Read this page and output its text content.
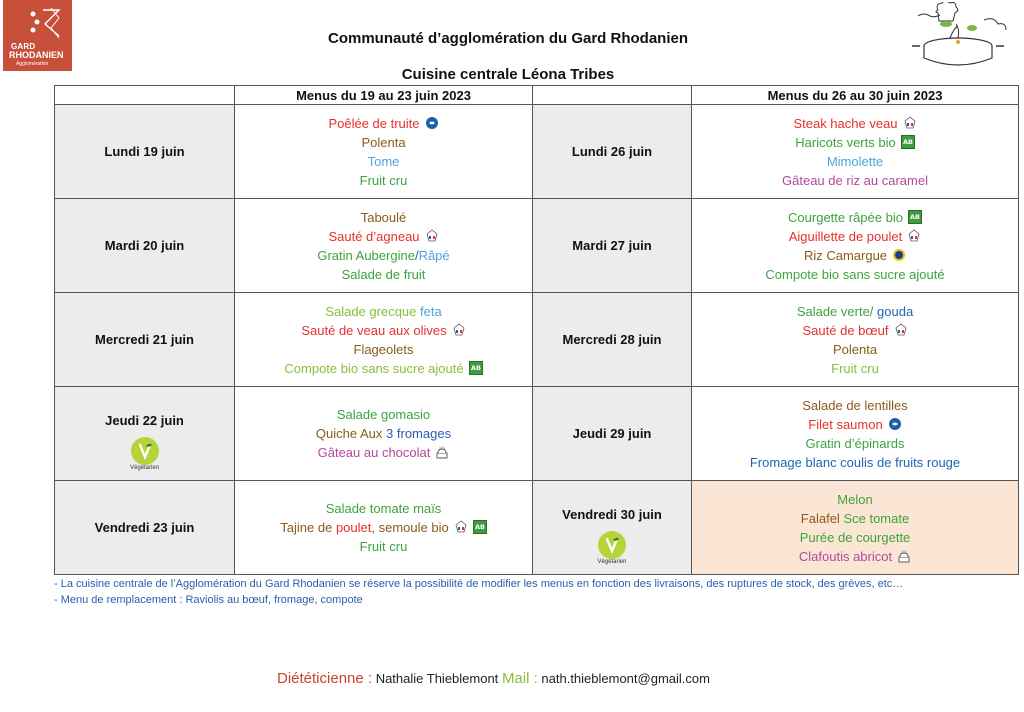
GARD
RHODANIEN
Agglomération
Communauté d’agglomération du Gard Rhodanien
Cuisine centrale Léona Tribes
	Menus du 19 au 23 juin 2023		Menus du 26 au 30 juin 2023
Lundi 19 juin	Poêlée de truite
Polenta
Tome
Fruit cru	Lundi 26 juin	Steak hache veau
Haricots verts bio AB
Mimolette
Gâteau de riz au caramel

Mardi 20 juin	Taboulé
Sauté d’agneau
Gratin Aubergine/Râpé
Salade de fruit	Mardi 27 juin	Courgette râpée bio AB
Aiguillette de poulet
Riz Camargue
Compote bio sans sucre ajouté

Mercredi 21 juin	Salade grecque feta
Sauté de veau aux olives
Flageolets
Compote bio sans sucre ajouté AB	Mercredi 28 juin	Salade verte/ gouda
Sauté de bœuf
Polenta
Fruit cru

Jeudi 22 juin
Végétarien	Salade gomasio
Quiche Aux 3 fromages
Gâteau au chocolat	Jeudi 29 juin	Salade de lentilles
Filet saumon
Gratin d’épinards
Fromage blanc coulis de fruits rouge

Vendredi 23 juin	Salade tomate maïs
Tajine de poulet, semoule bio AB
Fruit cru	Vendredi 30 juin
Végétarien	Melon
Falafel Sce tomate
Purée de courgette
Clafoutis abricot
- La cuisine centrale de l’Agglomération du Gard Rhodanien se réserve la possibilité de modifier les menus en fonction des livraisons, des ruptures de stock, des grèves, etc…
- Menu de remplacement : Raviolis au bœuf, fromage, compote
Diététicienne : Nathalie Thieblemont Mail : nath.thieblemont@gmail.com
